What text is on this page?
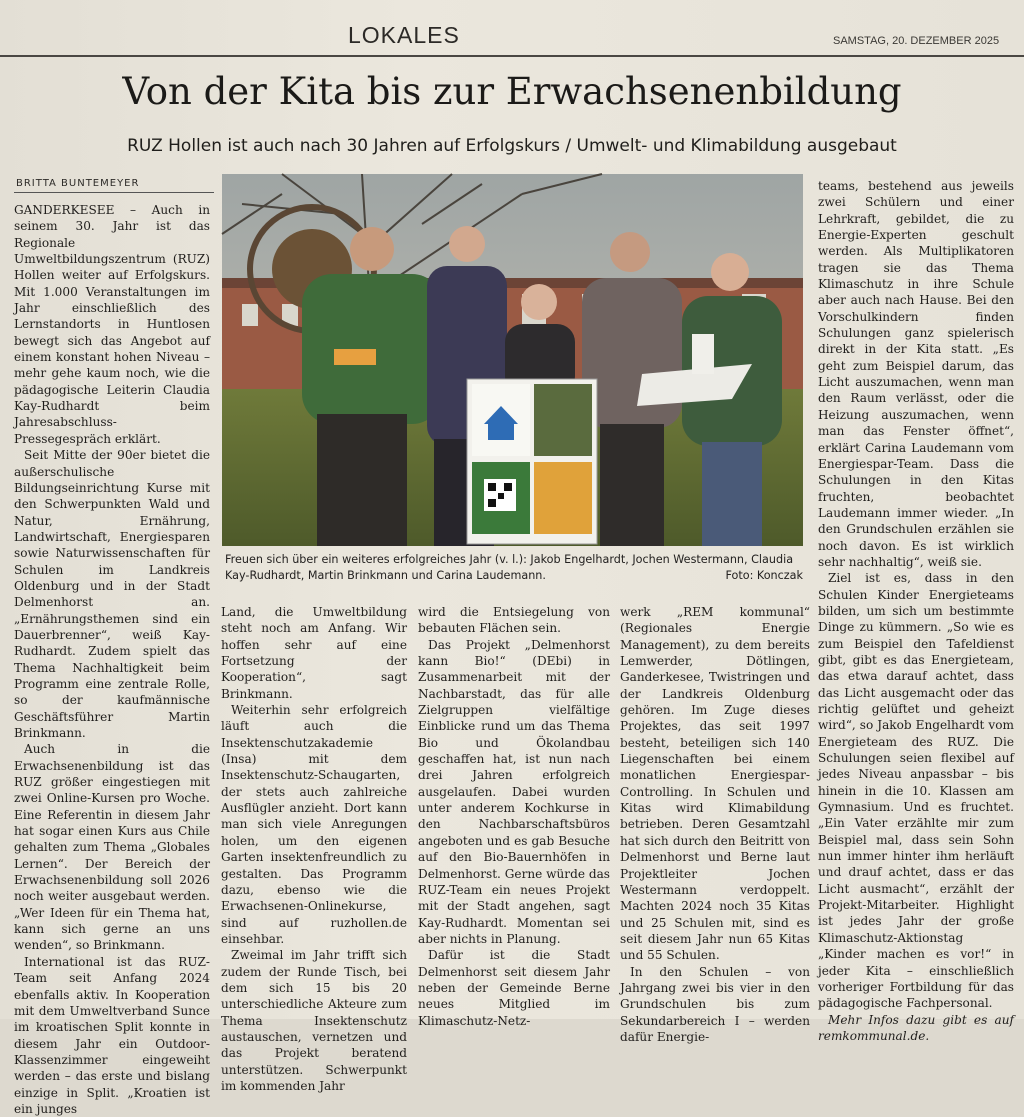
LOKALES	SAMSTAG, 20. DEZEMBER 2025
Von der Kita bis zur Erwachsenenbildung
RUZ Hollen ist auch nach 30 Jahren auf Erfolgskurs / Umwelt- und Klimabildung ausgebaut
BRITTA BUNTEMEYER

GANDERKESEE – Auch in seinem 30. Jahr ist das Regionale Umweltbildungszentrum (RUZ) Hollen weiter auf Erfolgskurs. Mit 1.000 Veranstaltungen im Jahr einschließlich des Lernstandorts in Huntlosen bewegt sich das Angebot auf einem konstant hohen Niveau – mehr gehe kaum noch, wie die pädagogische Leiterin Claudia Kay-Rudhardt beim Jahresabschluss-Pressegespräch erklärt.

Seit Mitte der 90er bietet die außerschulische Bildungseinrichtung Kurse mit den Schwerpunkten Wald und Natur, Ernährung, Landwirtschaft, Energiesparen sowie Naturwissenschaften für Schulen im Landkreis Oldenburg und in der Stadt Delmenhorst an. „Ernährungsthemen sind ein Dauerbrenner“, weiß Kay-Rudhardt. Zudem spielt das Thema Nachhaltigkeit beim Programm eine zentrale Rolle, so der kaufmännische Geschäftsführer Martin Brinkmann.

Auch in die Erwachsenenbildung ist das RUZ größer eingestiegen mit zwei Online-Kursen pro Woche. Eine Referentin in diesem Jahr hat sogar einen Kurs aus Chile gehalten zum Thema „Globales Lernen“. Der Bereich der Erwachsenenbildung soll 2026 noch weiter ausgebaut werden. „Wer Ideen für ein Thema hat, kann sich gerne an uns wenden“, so Brinkmann.

International ist das RUZ-Team seit Anfang 2024 ebenfalls aktiv. In Kooperation mit dem Umweltverband Sunce im kroatischen Split konnte in diesem Jahr ein Outdoor-Klassenzimmer eingeweiht werden – das erste und bislang einzige in Split. „Kroatien ist ein junges

Freuen sich über ein weiteres erfolgreiches Jahr (v. l.): Jakob Engelhardt, Jochen Westermann, Claudia Kay-Rudhardt, Martin Brinkmann und Carina Laudemann.	Foto: Konczak

Land, die Umweltbildung steht noch am Anfang. Wir hoffen sehr auf eine Fortsetzung der Kooperation“, sagt Brinkmann.

Weiterhin sehr erfolgreich läuft auch die Insektenschutzakademie (Insa) mit dem Insektenschutz-Schaugarten, der stets auch zahlreiche Ausflügler anzieht. Dort kann man sich viele Anregungen holen, um den eigenen Garten insektenfreundlich zu gestalten. Das Programm dazu, ebenso wie die Erwachsenen-Onlinekurse, sind auf ruzhollen.de einsehbar.

Zweimal im Jahr trifft sich zudem der Runde Tisch, bei dem sich 15 bis 20 unterschiedliche Akteure zum Thema Insektenschutz austauschen, vernetzen und das Projekt beratend unterstützen. Schwerpunkt im kommenden Jahr

wird die Entsiegelung von bebauten Flächen sein.

Das Projekt „Delmenhorst kann Bio!“ (DEbi) in Zusammenarbeit mit der Nachbarstadt, das für alle Zielgruppen vielfältige Einblicke rund um das Thema Bio und Ökolandbau geschaffen hat, ist nun nach drei Jahren erfolgreich ausgelaufen. Dabei wurden unter anderem Kochkurse in den Nachbarschaftsbüros angeboten und es gab Besuche auf den Bio-Bauernhöfen in Delmenhorst. Gerne würde das RUZ-Team ein neues Projekt mit der Stadt angehen, sagt Kay-Rudhardt. Momentan sei aber nichts in Planung.

Dafür ist die Stadt Delmenhorst seit diesem Jahr neben der Gemeinde Berne neues Mitglied im Klimaschutz-Netz-

werk „REM kommunal“ (Regionales Energie Management), zu dem bereits Lemwerder, Dötlingen, Ganderkesee, Twistringen und der Landkreis Oldenburg gehören. Im Zuge dieses Projektes, das seit 1997 besteht, beteiligen sich 140 Liegenschaften bei einem monatlichen Energiespar-Controlling. In Schulen und Kitas wird Klimabildung betrieben. Deren Gesamtzahl hat sich durch den Beitritt von Delmenhorst und Berne laut Projektleiter Jochen Westermann verdoppelt. Machten 2024 noch 35 Kitas und 25 Schulen mit, sind es seit diesem Jahr nun 65 Kitas und 55 Schulen.

In den Schulen – von Jahrgang zwei bis vier in den Grundschulen bis zum Sekundarbereich I – werden dafür Energie-

teams, bestehend aus jeweils zwei Schülern und einer Lehrkraft, gebildet, die zu Energie-Experten geschult werden. Als Multiplikatoren tragen sie das Thema Klimaschutz in ihre Schule aber auch nach Hause. Bei den Vorschulkindern finden Schulungen ganz spielerisch direkt in der Kita statt. „Es geht zum Beispiel darum, das Licht auszumachen, wenn man den Raum verlässt, oder die Heizung auszumachen, wenn man das Fenster öffnet“, erklärt Carina Laudemann vom Energiespar-Team. Dass die Schulungen in den Kitas fruchten, beobachtet Laudemann immer wieder. „In den Grundschulen erzählen sie noch davon. Es ist wirklich sehr nachhaltig“, weiß sie.

Ziel ist es, dass in den Schulen Kinder Energieteams bilden, um sich um bestimmte Dinge zu kümmern. „So wie es zum Beispiel den Tafeldienst gibt, gibt es das Energieteam, das etwa darauf achtet, dass das Licht ausgemacht oder das richtig gelüftet und geheizt wird“, so Jakob Engelhardt vom Energieteam des RUZ. Die Schulungen seien flexibel auf jedes Niveau anpassbar – bis hinein in die 10. Klassen am Gymnasium. Und es fruchtet. „Ein Vater erzählte mir zum Beispiel mal, dass sein Sohn nun immer hinter ihm herläuft und drauf achtet, dass er das Licht ausmacht“, erzählt der Projekt-Mitarbeiter. Highlight ist jedes Jahr der große Klimaschutz-Aktionstag „Kinder machen es vor!“ in jeder Kita – einschließlich vorheriger Fortbildung für das pädagogische Fachpersonal.

Mehr Infos dazu gibt es auf remkommunal.de.
